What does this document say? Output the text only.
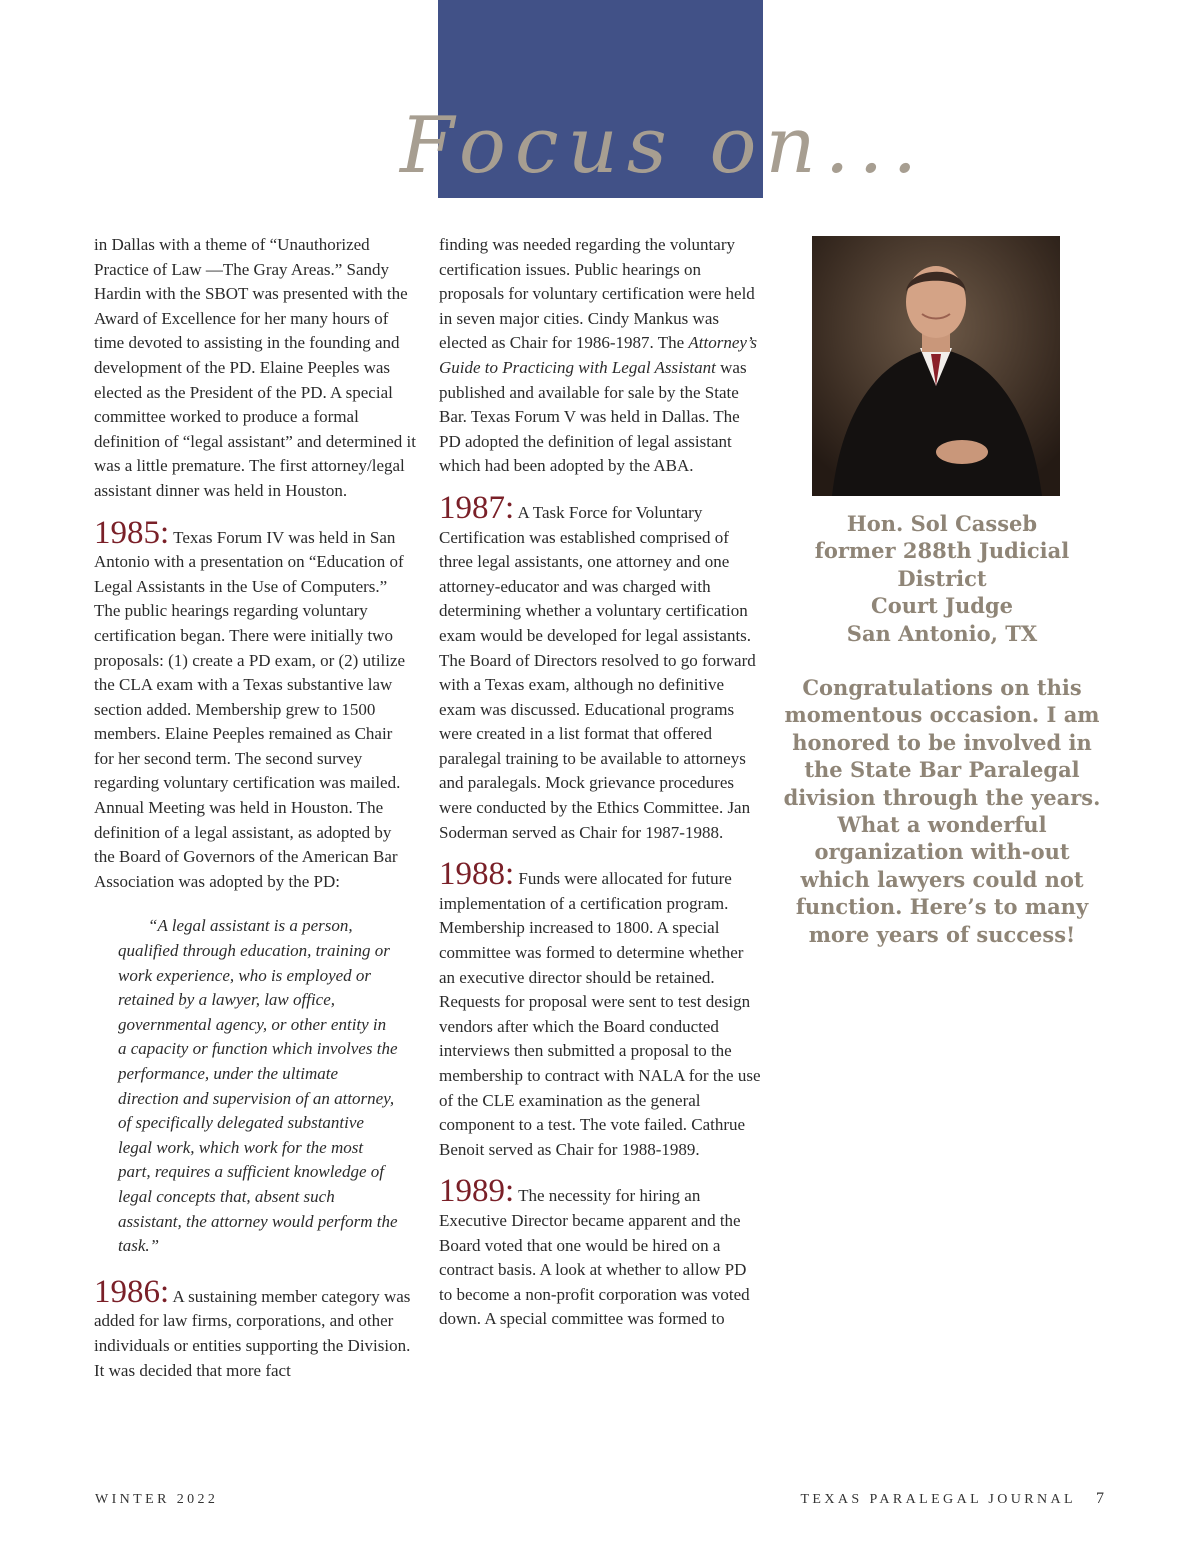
Focus on...

in Dallas with a theme of “Unauthorized Practice of Law —The Gray Areas.” Sandy Hardin with the SBOT was presented with the Award of Excellence for her many hours of time devoted to assisting in the founding and development of the PD. Elaine Peeples was elected as the President of the PD. A special committee worked to produce a formal definition of “legal assistant” and determined it was a little premature. The first attorney/legal assistant dinner was held in Houston.

1985: Texas Forum IV was held in San Antonio with a presentation on “Education of Legal Assistants in the Use of Computers.” The public hearings regarding voluntary certification began. There were initially two proposals: (1) create a PD exam, or (2) utilize the CLA exam with a Texas substantive law section added. Membership grew to 1500 members. Elaine Peeples remained as Chair for her second term. The second survey regarding voluntary certification was mailed. Annual Meeting was held in Houston. The definition of a legal assistant, as adopted by the Board of Governors of the American Bar Association was adopted by the PD:

“A legal assistant is a person,
qualified through education, training or work experience, who is employed or retained by a lawyer, law office, governmental agency, or other entity in a capacity or function which involves the performance, under the ultimate direction and supervision of an attorney, of specifically delegated substantive legal work, which work for the most part, requires a sufficient knowledge of legal concepts that, absent such assistant, the attorney would perform the task.”

1986: A sustaining member category was added for law firms, corporations, and other individuals or entities supporting the Division. It was decided that more fact

finding was needed regarding the voluntary certification issues. Public hearings on proposals for voluntary certification were held in seven major cities. Cindy Mankus was elected as Chair for 1986-1987. The Attorney’s Guide to Practicing with Legal Assistant was published and available for sale by the State Bar. Texas Forum V was held in Dallas. The PD adopted the definition of legal assistant which had been adopted by the ABA.

1987: A Task Force for Voluntary Certification was established comprised of three legal assistants, one attorney and one attorney-educator and was charged with determining whether a voluntary certification exam would be developed for legal assistants. The Board of Directors resolved to go forward with a Texas exam, although no definitive exam was discussed. Educational programs were created in a list format that offered paralegal training to be available to attorneys and paralegals. Mock grievance procedures were conducted by the Ethics Committee. Jan Soderman served as Chair for 1987-1988.

1988: Funds were allocated for future implementation of a certification program. Membership increased to 1800. A special committee was formed to determine whether an executive director should be retained. Requests for proposal were sent to test design vendors after which the Board conducted interviews then submitted a proposal to the membership to contract with NALA for the use of the CLE examination as the general component to a test. The vote failed. Cathrue Benoit served as Chair for 1988-1989.

1989: The necessity for hiring an Executive Director became apparent and the Board voted that one would be hired on a contract basis. A look at whether to allow PD to become a non-profit corporation was voted down. A special committee was formed to

Hon. Sol Casseb
former 288th Judicial District
Court Judge
San Antonio, TX
Congratulations on this momentous occasion. I am honored to be involved in the State Bar Paralegal division through the years. What a wonderful organization with-out which lawyers could not function. Here’s to many more years of success!
WINTER 2022	TEXAS PARALEGAL JOURNAL 7
